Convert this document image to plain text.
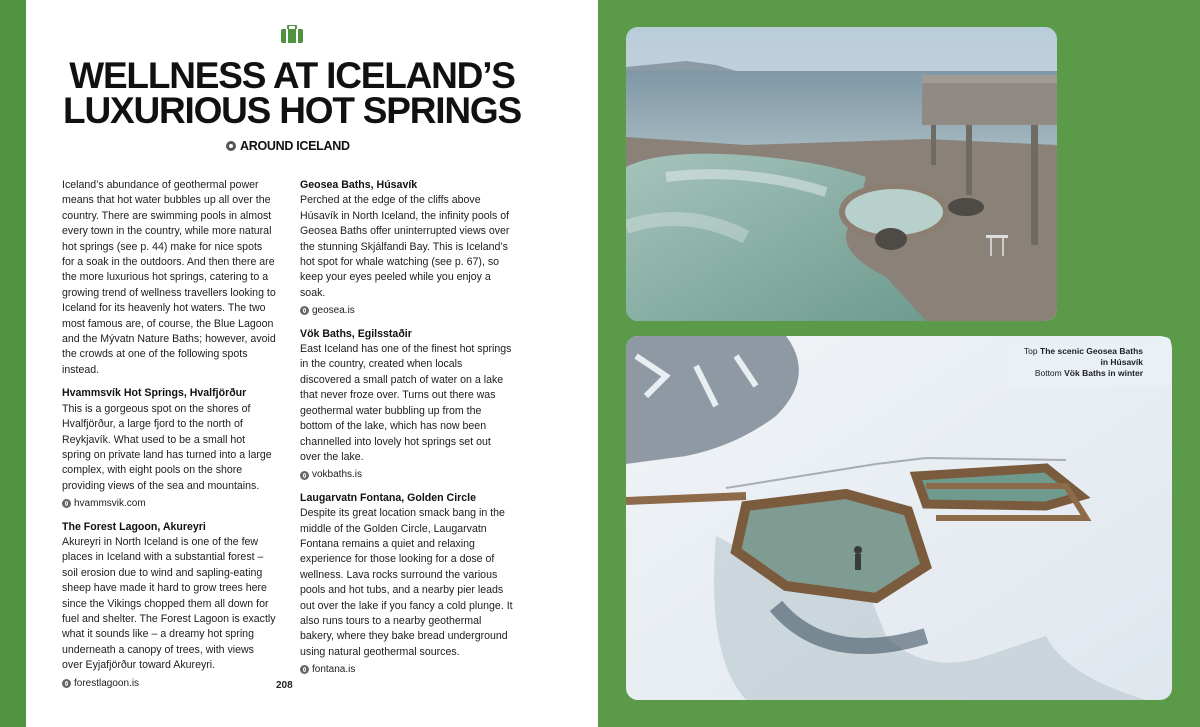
WELLNESS AT ICELAND’S
LUXURIOUS HOT SPRINGS
AROUND ICELAND

Iceland’s abundance of geothermal power means that hot water bubbles up all over the country. There are swimming pools in almost every town in the country, while more natural hot springs (see p. 44) make for nice spots for a soak in the outdoors. And then there are the more luxurious hot springs, catering to a growing trend of wellness travellers looking to Iceland for its heavenly hot waters. The two most famous are, of course, the Blue Lagoon and the Mývatn Nature Baths; however, avoid the crowds at one of the following spots instead.

Hvammsvík Hot Springs, Hvalfjörður

This is a gorgeous spot on the shores of Hvalfjörður, a large fjord to the north of Reykjavík. What used to be a small hot spring on private land has turned into a large complex, with eight pools on the shore providing views of the sea and mountains.

hvammsvik.com
The Forest Lagoon, Akureyri

Akureyri in North Iceland is one of the few places in Iceland with a substantial forest – soil erosion due to wind and sapling-eating sheep have made it hard to grow trees here since the Vikings chopped them all down for fuel and shelter. The Forest Lagoon is exactly what it sounds like – a dreamy hot spring underneath a canopy of trees, with views over Eyjafjörður toward Akureyri.

forestlagoon.is
Geosea Baths, Húsavík

Perched at the edge of the cliffs above Húsavík in North Iceland, the infinity pools of Geosea Baths offer uninterrupted views over the stunning Skjálfandi Bay. This is Iceland’s hot spot for whale watching (see p. 67), so keep your eyes peeled while you enjoy a soak.

geosea.is
Vök Baths, Egilsstaðir

East Iceland has one of the finest hot springs in the country, created when locals discovered a small patch of water on a lake that never froze over. Turns out there was geothermal water bubbling up from the bottom of the lake, which has now been channelled into lovely hot springs set out over the lake.

vokbaths.is
Laugarvatn Fontana, Golden Circle

Despite its great location smack bang in the middle of the Golden Circle, Laugarvatn Fontana remains a quiet and relaxing experience for those looking for a dose of wellness. Lava rocks surround the various pools and hot tubs, and a nearby pier leads out over the lake if you fancy a cold plunge. It also runs tours to a nearby geothermal bakery, where they bake bread underground using natural geothermal sources.

fontana.is
208
Top The scenic Geosea Baths
in Húsavík
Bottom Vök Baths in winter
